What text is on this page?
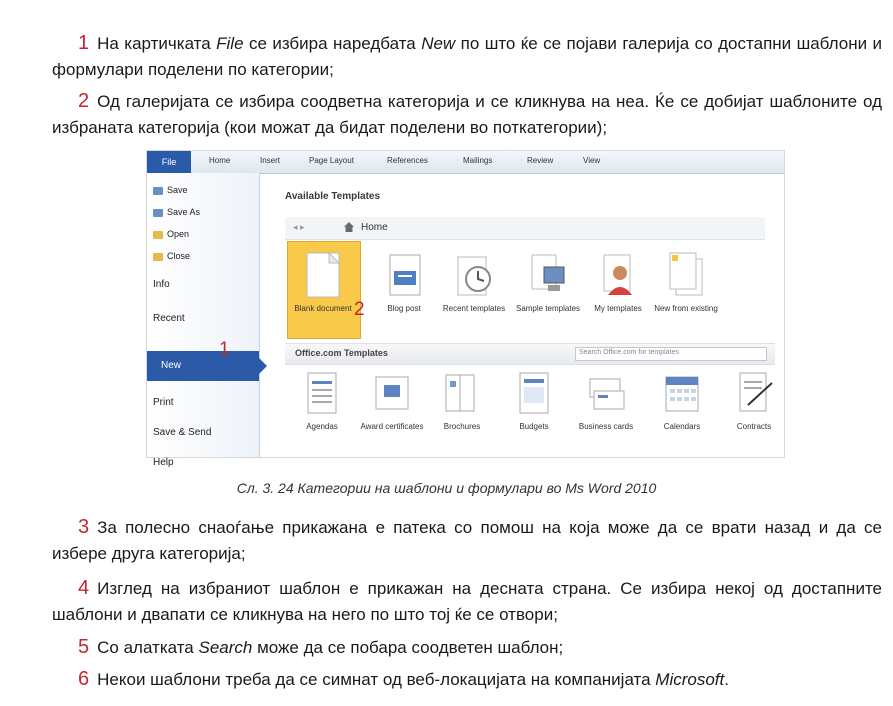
1 На картичката File се избира наредбата New по што ќе се појави галерија со достапни шаблони и формулари поделени по категории;
2 Од галеријата се избира соодветна категорија и се кликнува на неа. Ќе се добијат шаблоните од избраната категорија (кои можат да бидат поделени во поткатегории);
File	Home	Insert	Page Layout	References	Mailings	Review	View
Save
Save As
Open
Close
Info
Recent
New
Print
Save & Send
Help
1
Available Templates
◂ ▸	Home
Blank document 2	Blog post	Recent templates	Sample templates	My templates	New from existing
Office.com Templates	Search Office.com for templates
Agendas	Award certificates	Brochures	Budgets	Business cards	Calendars	Contracts
Сл. 3. 24 Категории на шаблони и формулари во Ms Word 2010
3 За полесно снаоѓање прикажана е патека со помош на која може да се врати назад и да се избере друга категорија;
4 Изглед на избраниот шаблон е прикажан на десната страна. Се избира некој од достапните шаблони и двапати се кликнува на него по што тој ќе се отвори;
5 Со алатката Search може да се побара соодветен шаблон;
6 Некои шаблони треба да се симнат од веб-локацијата на компанијата Microsoft.
